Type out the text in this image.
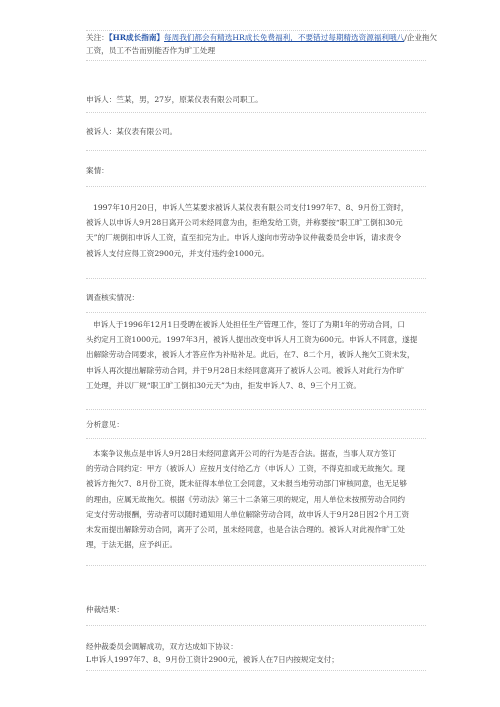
关注：【HR成长指南】每周我们都会有精选HR成长免费福利，不要错过每期精选资源福利哦八/企业拖欠
工资，员工不告而别能否作为旷工处理
申诉人：竺某，男，27岁，原某仪表有限公司职工。
被诉人：某仪表有限公司。
案情：
1997年10月20日，申诉人竺某要求被诉人某仪表有限公司支付1997年7、8、9月份工资时，
被诉人以申诉人9月28日离开公司未经同意为由，拒绝发给工资，并称要按“职工旷工倒扣30元
天”的厂规倒扣申诉人工资，直至扣完为止。申诉人遂向市劳动争议仲裁委员会申诉，请求责令
被诉人支付应得工资2900元，并支付违约金1000元。
调查核实情况：
申诉人于1996年12月1日受聘在被诉人处担任生产管理工作，签订了为期1年的劳动合同，口
头约定月工资1000元。1997年3月，被诉人提出改变申诉人月工资为600元。申诉人不同意，遂提
出解除劳动合同要求，被诉人才答应作为补贴补足。此后，在7、8二个月，被诉人拖欠工资未发，
申诉人再次提出解除劳动合同，并于9月28日未经同意离开了被诉人公司。被诉人对此行为作旷
工处理，并以厂规“职工旷工倒扣30元天”为由，拒发申诉人7、8、9三个月工资。
分析意见：
本案争议焦点是申诉人9月28日未经同意离开公司的行为是否合法。据查，当事人双方签订
的劳动合同约定：甲方（被诉人）应按月支付给乙方（申诉人）工资，不得克扣或无故拖欠。现
被诉方拖欠7、8月份工资，既未征得本单位工会同意，又未报当地劳动部门审核同意，也无足够
的理由，应属无故拖欠。根据《劳动法》第三十二条第三项的规定，用人单位未按照劳动合同约
定支付劳动报酬，劳动者可以随时通知用人单位解除劳动合同，故申诉人于9月28日因2个月工资
未发而提出解除劳动合同，离开了公司，虽未经同意，也是合法合理的。被诉人对此视作旷工处
理，于法无据，应予纠正。
仲裁结果：
经仲裁委员会调解成功，双方达成如下协议：
L申诉人1997年7、8、9月份工资计2900元，被诉人在7日内按规定支付；
